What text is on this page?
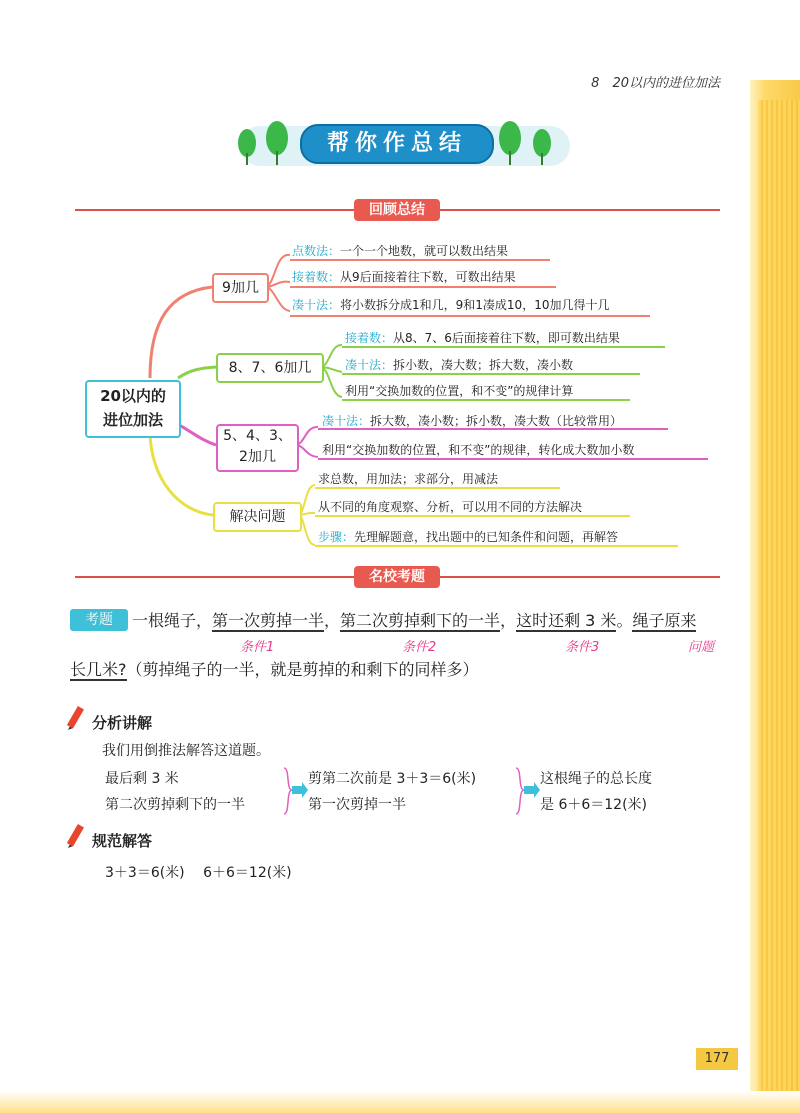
8　20以内的进位加法
帮你作总结
回顾总结
20以内的
进位加法
9加几
8、7、6加几
5、4、3、
2加几
解决问题
点数法：一个一个地数，就可以数出结果
接着数：从9后面接着往下数，可数出结果
凑十法：将小数拆分成1和几，9和1凑成10，10加几得十几
接着数：从8、7、6后面接着往下数，即可数出结果
凑十法：拆小数，凑大数；拆大数，凑小数
利用“交换加数的位置，和不变”的规律计算
凑十法：拆大数，凑小数；拆小数，凑大数（比较常用）
利用“交换加数的位置，和不变”的规律，转化成大数加小数
求总数，用加法；求部分，用减法
从不同的角度观察、分析，可以用不同的方法解决
步骤：先理解题意，找出题中的已知条件和问题，再解答
名校考题
考题	一根绳子，第一次剪掉一半，第二次剪掉剩下的一半，这时还剩 3 米。绳子原来
条件1	条件2	条件3	问题
长几米?（剪掉绳子的一半，就是剪掉的和剩下的同样多）
分析讲解
我们用倒推法解答这道题。
最后剩 3 米
第二次剪掉剩下的一半
剪第二次前是 3＋3＝6(米)
第一次剪掉一半
这根绳子的总长度
是 6＋6＝12(米)
规范解答
3＋3＝6(米)　 6＋6＝12(米)
177
